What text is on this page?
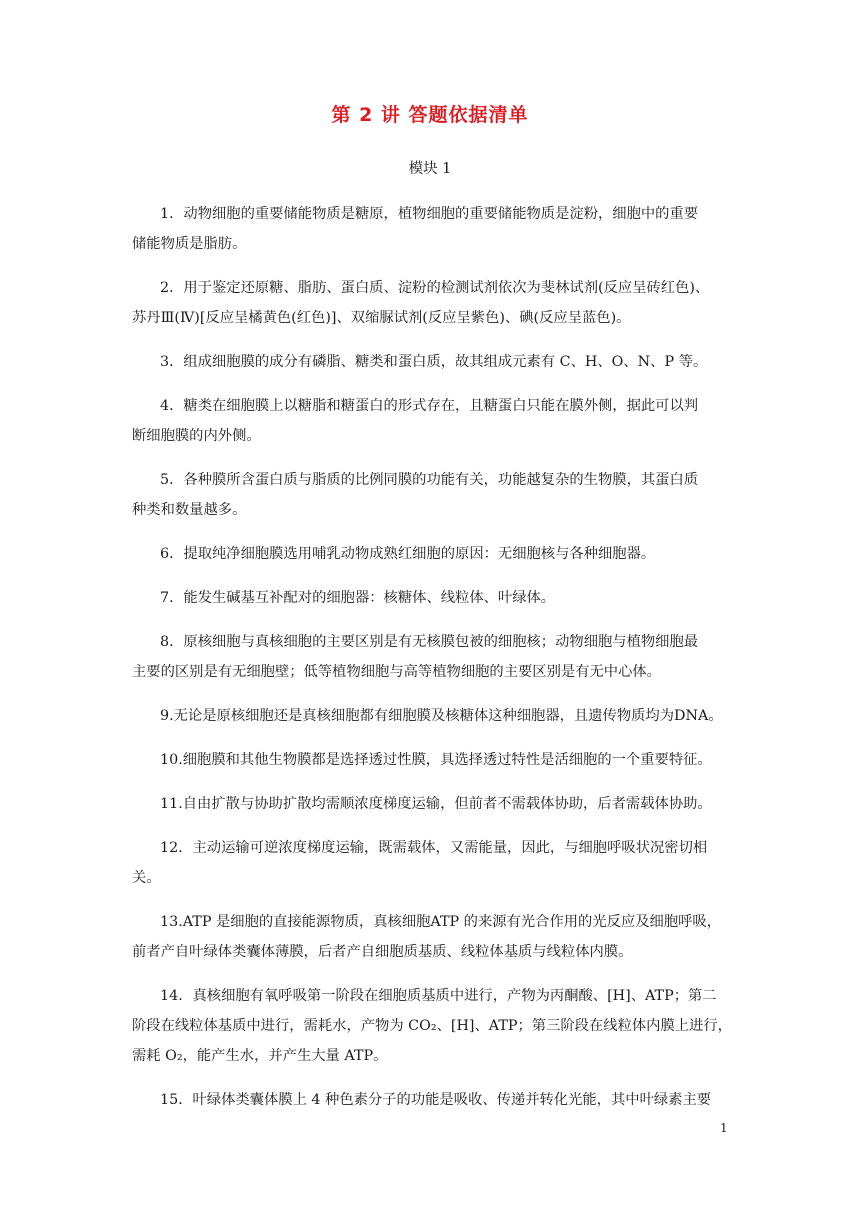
第 2 讲 答题依据清单
模块 1

1．动物细胞的重要储能物质是糖原，植物细胞的重要储能物质是淀粉，细胞中的重要
储能物质是脂肪。

2．用于鉴定还原糖、脂肪、蛋白质、淀粉的检测试剂依次为斐林试剂(反应呈砖红色)、
苏丹Ⅲ(Ⅳ)[反应呈橘黄色(红色)]、双缩脲试剂(反应呈紫色)、碘(反应呈蓝色)。

3．组成细胞膜的成分有磷脂、糖类和蛋白质，故其组成元素有 C、H、O、N、P 等。

4．糖类在细胞膜上以糖脂和糖蛋白的形式存在，且糖蛋白只能在膜外侧，据此可以判
断细胞膜的内外侧。

5．各种膜所含蛋白质与脂质的比例同膜的功能有关，功能越复杂的生物膜，其蛋白质
种类和数量越多。

6．提取纯净细胞膜选用哺乳动物成熟红细胞的原因：无细胞核与各种细胞器。

7．能发生碱基互补配对的细胞器：核糖体、线粒体、叶绿体。

8．原核细胞与真核细胞的主要区别是有无核膜包被的细胞核；动物细胞与植物细胞最
主要的区别是有无细胞壁；低等植物细胞与高等植物细胞的主要区别是有无中心体。

9.无论是原核细胞还是真核细胞都有细胞膜及核糖体这种细胞器，且遗传物质均为DNA。

10.细胞膜和其他生物膜都是选择透过性膜，具选择透过特性是活细胞的一个重要特征。

11.自由扩散与协助扩散均需顺浓度梯度运输，但前者不需载体协助，后者需载体协助。

12．主动运输可逆浓度梯度运输，既需载体，又需能量，因此，与细胞呼吸状况密切相
关。

13.ATP 是细胞的直接能源物质，真核细胞ATP 的来源有光合作用的光反应及细胞呼吸，
前者产自叶绿体类囊体薄膜，后者产自细胞质基质、线粒体基质与线粒体内膜。

14．真核细胞有氧呼吸第一阶段在细胞质基质中进行，产物为丙酮酸、[H]、ATP；第二
阶段在线粒体基质中进行，需耗水，产物为 CO₂、[H]、ATP；第三阶段在线粒体内膜上进行，
需耗 O₂，能产生水，并产生大量 ATP。

15．叶绿体类囊体膜上 4 种色素分子的功能是吸收、传递并转化光能，其中叶绿素主要

1
